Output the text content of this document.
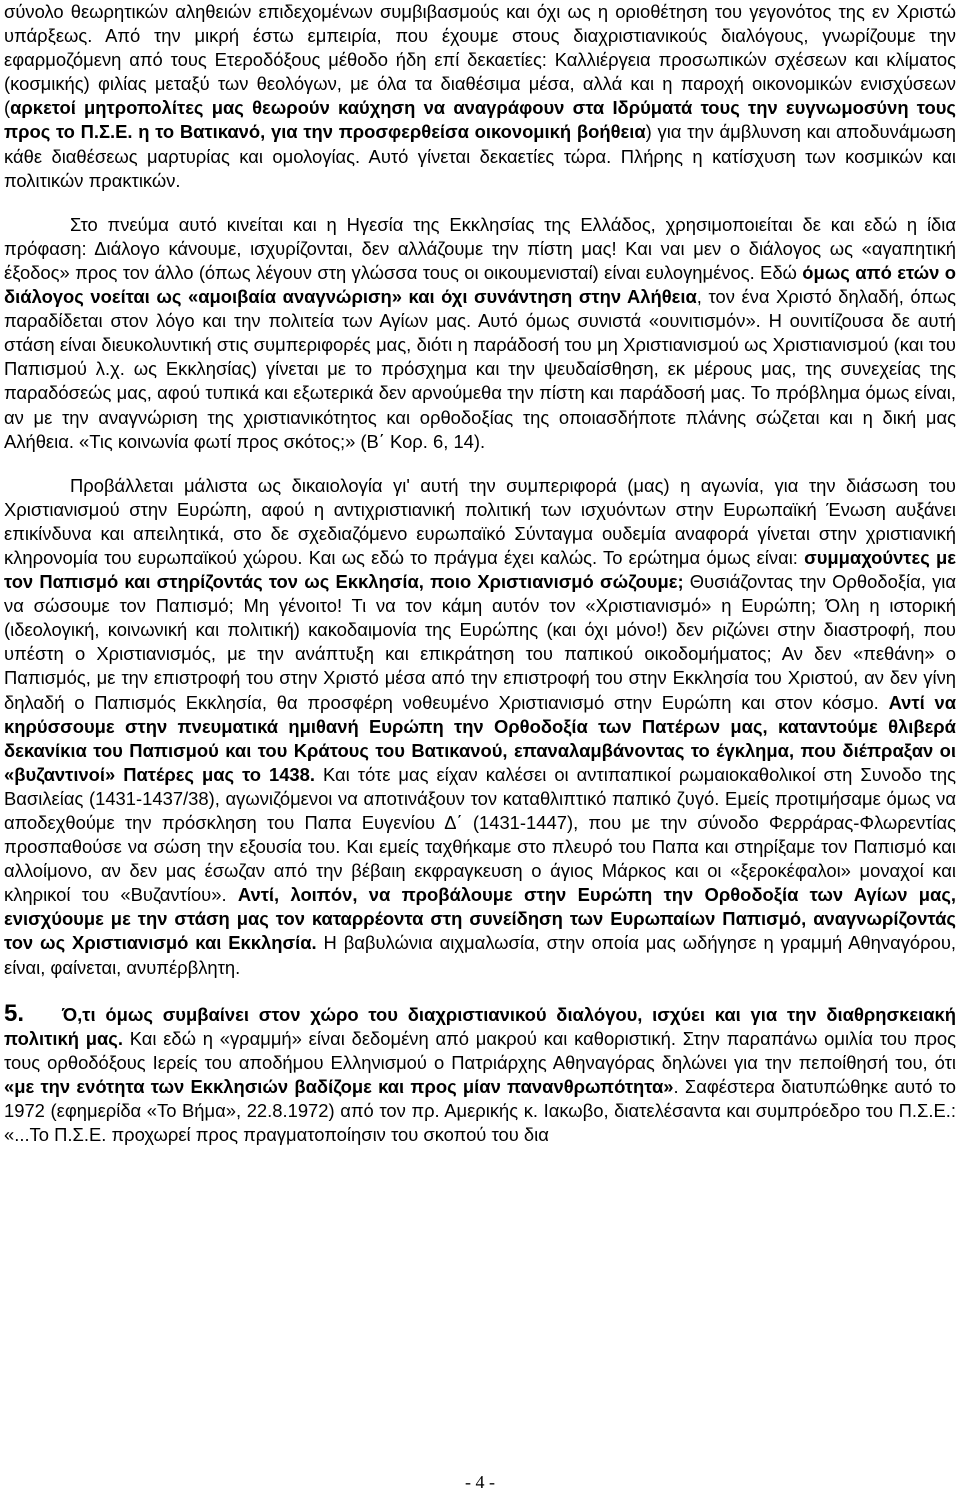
σύνολο θεωρητικών αληθειών επιδεχομένων συμβιβασμούς και όχι ως η οριοθέτηση του γεγονότος της εν Χριστώ υπάρξεως. Από την μικρή έστω εμπειρία, που έχουμε στους διαχριστιανικούς διαλόγους, γνωρίζουμε την εφαρμοζόμενη από τους Ετεροδόξους μέθοδο ήδη επί δεκαετίες: Καλλιέργεια προσωπικών σχέσεων και κλίματος (κοσμικής) φιλίας μεταξύ των θεολόγων, με όλα τα διαθέσιμα μέσα, αλλά και η παροχή οικονομικών ενισχύσεων (αρκετοί μητροπολίτες μας θεωρούν καύχηση να αναγράφουν στα Ιδρύματά τους την ευγνωμοσύνη τους προς το Π.Σ.Ε. η το Βατικανό, για την προσφερθείσα οικονομική βοήθεια) για την άμβλυνση και αποδυνάμωση κάθε διαθέσεως μαρτυρίας και ομολογίας. Αυτό γίνεται δεκαετίες τώρα. Πλήρης η κατίσχυση των κοσμικών και πολιτικών πρακτικών.

Στο πνεύμα αυτό κινείται και η Ηγεσία της Εκκλησίας της Ελλάδος, χρησιμοποιείται δε και εδώ η ίδια πρόφαση: Διάλογο κάνουμε, ισχυρίζονται, δεν αλλάζουμε την πίστη μας! Και ναι μεν ο διάλογος ως «αγαπητική έξοδος» προς τον άλλο (όπως λέγουν στη γλώσσα τους οι οικουμενισταί) είναι ευλογημένος. Εδώ όμως από ετών ο διάλογος νοείται ως «αμοιβαία αναγνώριση» και όχι συνάντηση στην Αλήθεια, τον ένα Χριστό δηλαδή, όπως παραδίδεται στον λόγο και την πολιτεία των Αγίων μας. Αυτό όμως συνιστά «ουνιτισμόν». Η ουνιτίζουσα δε αυτή στάση είναι διευκολυντική στις συμπεριφορές μας, διότι η παράδοσή του μη Χριστιανισμού ως Χριστιανισμού (και του Παπισμού λ.χ. ως Εκκλησίας) γίνεται με το πρόσχημα και την ψευδαίσθηση, εκ μέρους μας, της συνεχείας της παραδόσεώς μας, αφού τυπικά και εξωτερικά δεν αρνούμεθα την πίστη και παράδοσή μας. Το πρόβλημα όμως είναι, αν με την αναγνώριση της χριστιανικότητος και ορθοδοξίας της οποιασδήποτε πλάνης σώζεται και η δική μας Αλήθεια. «Τις κοινωνία φωτί προς σκότος;» (Β΄ Κορ. 6, 14).

Προβάλλεται μάλιστα ως δικαιολογία γι' αυτή την συμπεριφορά (μας) η αγωνία, για την διάσωση του Χριστιανισμού στην Ευρώπη, αφού η αντιχριστιανική πολιτική των ισχυόντων στην Ευρωπαϊκή Ένωση αυξάνει επικίνδυνα και απειλητικά, στο δε σχεδιαζόμενο ευρωπαϊκό Σύνταγμα ουδεμία αναφορά γίνεται στην χριστιανική κληρονομία του ευρωπαϊκού χώρου. Και ως εδώ το πράγμα έχει καλώς. Το ερώτημα όμως είναι: συμμαχούντες με τον Παπισμό και στηρίζοντάς τον ως Εκκλησία, ποιο Χριστιανισμό σώζουμε; Θυσιάζοντας την Ορθοδοξία, για να σώσουμε τον Παπισμό; Μη γένοιτο! Τι να τον κάμη αυτόν τον «Χριστιανισμό» η Ευρώπη; Όλη η ιστορική (ιδεολογική, κοινωνική και πολιτική) κακοδαιμονία της Ευρώπης (και όχι μόνο!) δεν ριζώνει στην διαστροφή, που υπέστη ο Χριστιανισμός, με την ανάπτυξη και επικράτηση του παπικού οικοδομήματος; Αν δεν «πεθάνη» ο Παπισμός, με την επιστροφή του στην Χριστό μέσα από την επιστροφή του στην Εκκλησία του Χριστού, αν δεν γίνη δηλαδή ο Παπισμός Εκκλησία, θα προσφέρη νοθευμένο Χριστιανισμό στην Ευρώπη και στον κόσμο. Αντί να κηρύσσουμε στην πνευματικά ημιθανή Ευρώπη την Ορθοδοξία των Πατέρων μας, καταντούμε θλιβερά δεκανίκια του Παπισμού και του Κράτους του Βατικανού, επαναλαμβάνοντας το έγκλημα, που διέπραξαν οι «βυζαντινοί» Πατέρες μας το 1438. Και τότε μας είχαν καλέσει οι αντιπαπικοί ρωμαιοκαθολικοί στη Συνοδο της Βασιλείας (1431-1437/38), αγωνιζόμενοι να αποτινάξουν τον καταθλιπτικό παπικό ζυγό. Εμείς προτιμήσαμε όμως να αποδεχθούμε την πρόσκληση του Παπα Ευγενίου Δ΄ (1431-1447), που με την σύνοδο Φερράρας-Φλωρεντίας προσπαθούσε να σώση την εξουσία του. Και εμείς ταχθήκαμε στο πλευρό του Παπα και στηρίξαμε τον Παπισμό και αλλοίμονο, αν δεν μας έσωζαν από την βέβαιη εκφραγκευση ο άγιος Μάρκος και οι «ξεροκέφαλοι» μοναχοί και κληρικοί του «Βυζαντίου». Αντί, λοιπόν, να προβάλουμε στην Ευρώπη την Ορθοδοξία των Αγίων μας, ενισχύουμε με την στάση μας τον καταρρέοντα στη συνείδηση των Ευρωπαίων Παπισμό, αναγνωρίζοντάς τον ως Χριστιανισμό και Εκκλησία. Η βαβυλώνια αιχμαλωσία, στην οποία μας ωδήγησε η γραμμή Αθηναγόρου, είναι, φαίνεται, ανυπέρβλητη.

5. Ό,τι όμως συμβαίνει στον χώρο του διαχριστιανικού διαλόγου, ισχύει και για την διαθρησκειακή πολιτική μας. Και εδώ η «γραμμή» είναι δεδομένη από μακρού και καθοριστική. Στην παραπάνω ομιλία του προς τους ορθοδόξους Ιερείς του αποδήμου Ελληνισμού ο Πατριάρχης Αθηναγόρας δηλώνει για την πεποίθησή του, ότι «με την ενότητα των Εκκλησιών βαδίζομε και προς μίαν πανανθρωπότητα». Σαφέστερα διατυπώθηκε αυτό το 1972 (εφημερίδα «Το Βήμα», 22.8.1972) από τον πρ. Αμερικής κ. Ιακωβο, διατελέσαντα και συμπρόεδρο του Π.Σ.Ε.: «...Το Π.Σ.Ε. προχωρεί προς πραγματοποίησιν του σκοπού του δια

- 4 -
